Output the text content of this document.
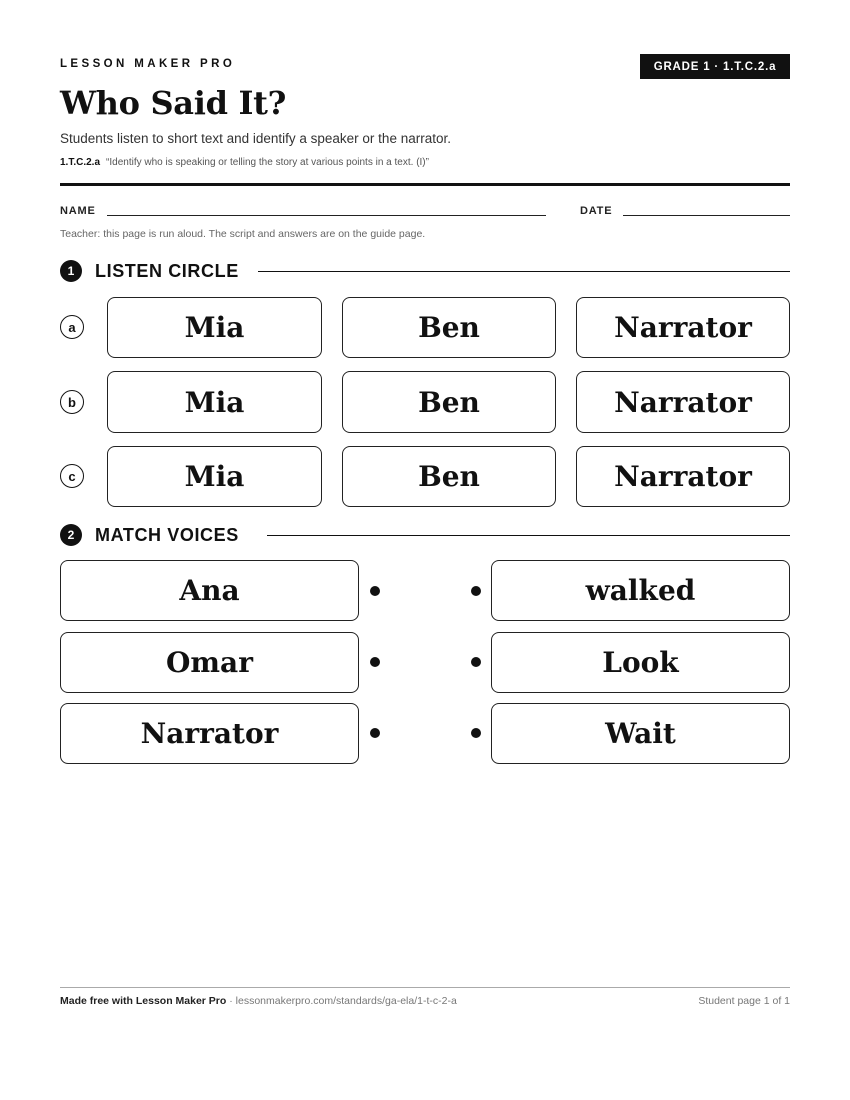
LESSON MAKER PRO	GRADE 1 · 1.T.C.2.a
Who Said It?
Students listen to short text and identify a speaker or the narrator.
1.T.C.2.a “Identify who is speaking or telling the story at various points in a text. (I)”
NAME	DATE
Teacher: this page is run aloud. The script and answers are on the guide page.
1	LISTEN CIRCLE
a	Mia	Ben	Narrator
b	Mia	Ben	Narrator
c	Mia	Ben	Narrator
2	MATCH VOICES
Ana	walked
Omar	Look
Narrator	Wait
Made free with Lesson Maker Pro · lessonmakerpro.com/standards/ga-ela/1-t-c-2-a	Student page 1 of 1
